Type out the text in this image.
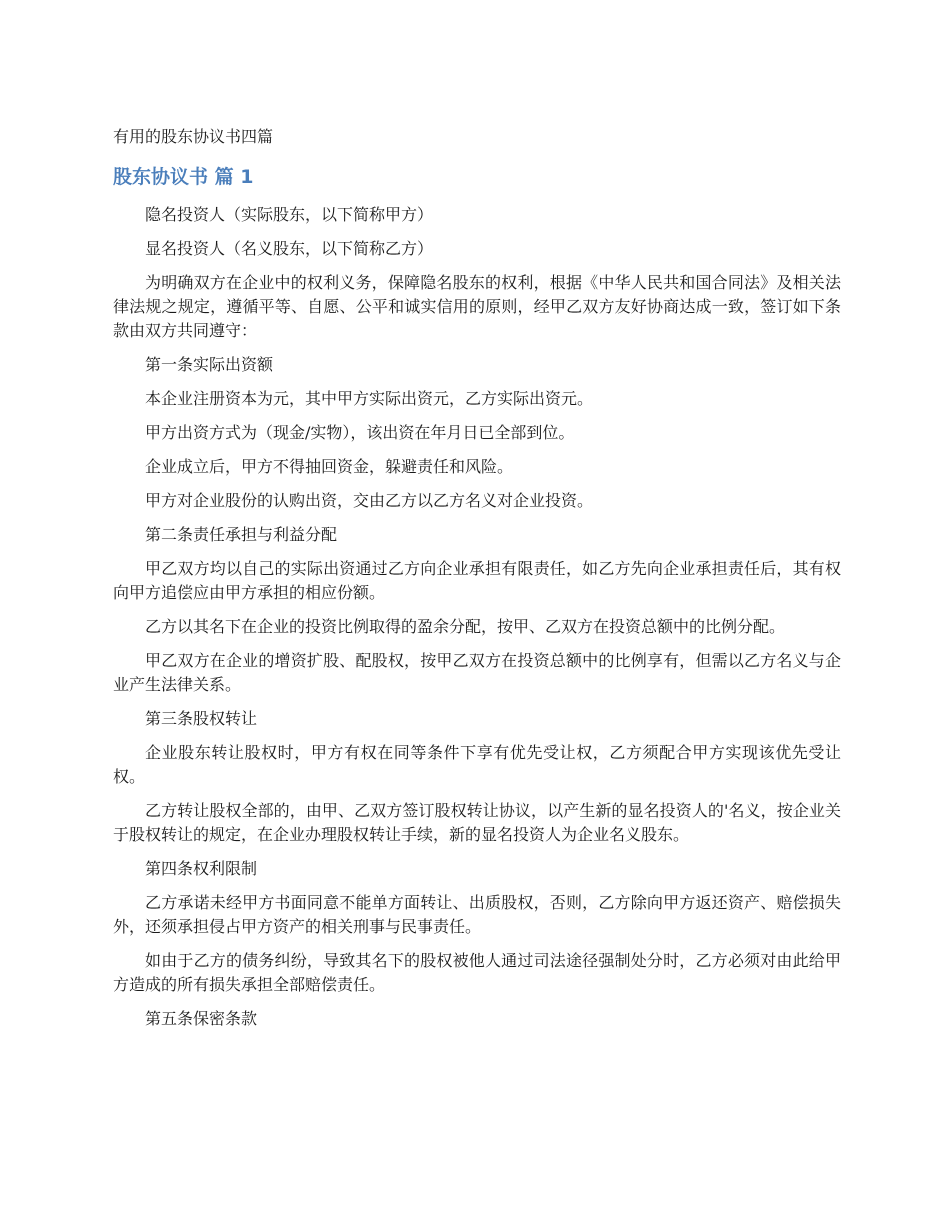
有用的股东协议书四篇
股东协议书 篇 1

隐名投资人（实际股东，以下简称甲方）

显名投资人（名义股东，以下简称乙方）

为明确双方在企业中的权利义务，保障隐名股东的权利，根据《中华人民共和国合同法》及相关法律法规之规定，遵循平等、自愿、公平和诚实信用的原则，经甲乙双方友好协商达成一致，签订如下条款由双方共同遵守：

第一条实际出资额

本企业注册资本为元，其中甲方实际出资元，乙方实际出资元。

甲方出资方式为（现金/实物），该出资在年月日已全部到位。

企业成立后，甲方不得抽回资金，躲避责任和风险。

甲方对企业股份的认购出资，交由乙方以乙方名义对企业投资。

第二条责任承担与利益分配

甲乙双方均以自己的实际出资通过乙方向企业承担有限责任，如乙方先向企业承担责任后，其有权向甲方追偿应由甲方承担的相应份额。

乙方以其名下在企业的投资比例取得的盈余分配，按甲、乙双方在投资总额中的比例分配。

甲乙双方在企业的增资扩股、配股权，按甲乙双方在投资总额中的比例享有，但需以乙方名义与企业产生法律关系。

第三条股权转让

企业股东转让股权时，甲方有权在同等条件下享有优先受让权，乙方须配合甲方实现该优先受让权。

乙方转让股权全部的，由甲、乙双方签订股权转让协议，以产生新的显名投资人的'名义，按企业关于股权转让的规定，在企业办理股权转让手续，新的显名投资人为企业名义股东。

第四条权利限制

乙方承诺未经甲方书面同意不能单方面转让、出质股权，否则，乙方除向甲方返还资产、赔偿损失外，还须承担侵占甲方资产的相关刑事与民事责任。

如由于乙方的债务纠纷，导致其名下的股权被他人通过司法途径强制处分时，乙方必须对由此给甲方造成的所有损失承担全部赔偿责任。

第五条保密条款
